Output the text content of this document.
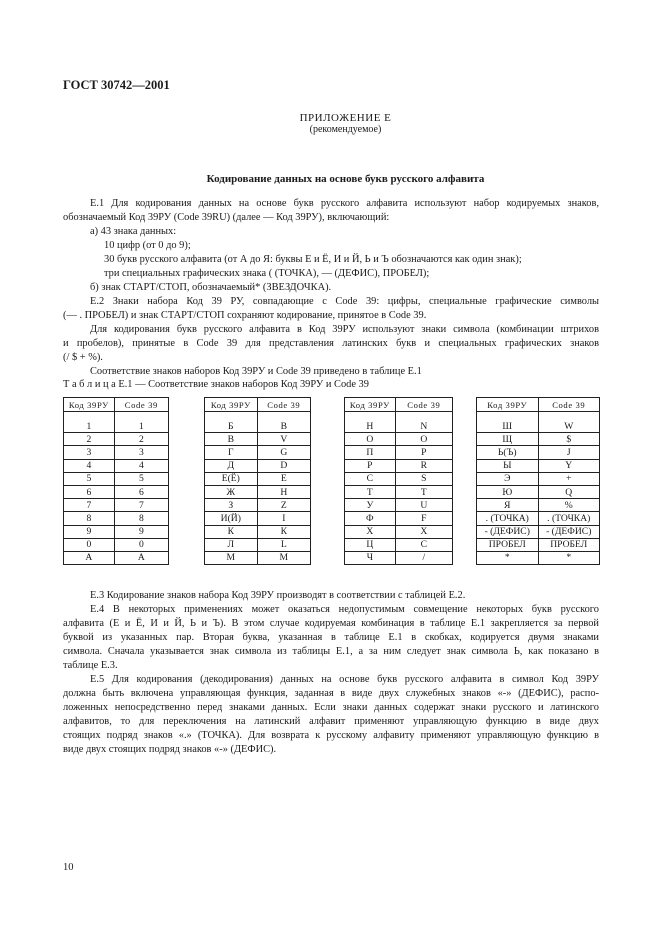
ГОСТ 30742—2001
ПРИЛОЖЕНИЕ Е
(рекомендуемое)
Кодирование данных на основе букв русского алфавита
Е.1 Для кодирования данных на основе букв русского алфавита используют набор кодируемых знаков,
обозначаемый Код 39РУ (Code 39RU) (далее — Код 39РУ), включающий:
а) 43 знака данных:
10 цифр (от 0 до 9);
30 букв русского алфавита (от А до Я: буквы Е и Ё, И и Й, Ь и Ъ обозначаются как один знак);
три специальных графических знака ( (ТОЧКА), — (ДЕФИС), ПРОБЕЛ);
б) знак СТАРТ/СТОП, обозначаемый* (ЗВЕЗДОЧКА).
Е.2 Знаки набора Код 39 РУ, совпадающие с Code 39: цифры, специальные графические символы
(— . ПРОБЕЛ) и знак СТАРТ/СТОП сохраняют кодирование, принятое в Code 39.
Для кодирования букв русского алфавита в Код 39РУ используют знаки символа (комбинации штрихов
и пробелов), принятые в Code 39 для представления латинских букв и специальных графических знаков
(/ $ + %).
Соответствие знаков наборов Код 39РУ и Code 39 приведено в таблице Е.1
Т а б л и ц а Е.1 — Соответствие знаков наборов Код 39РУ и Code 39
Код 39РУ	Code 39

1	1
2	2
3	3
4	4
5	5
6	6
7	7
8	8
9	9
0	0
А	А
Код 39РУ	Code 39

Б	В
В	V
Г	G
Д	D
Е(Ё)	Е
Ж	Н
З	Z
И(Й)	I
К	К
Л	L
М	М
Код 39РУ	Code 39

Н	N
О	О
П	Р
Р	R
С	S
Т	Т
У	U
Ф	F
Х	Х
Ц	С
Ч	/
Код 39РУ	Code 39

Ш	W
Щ	$
Ь(Ъ)	J
Ы	Y
Э	+
Ю	Q
Я	%
. (ТОЧКА)	. (ТОЧКА)
- (ДЕФИС)	- (ДЕФИС)
ПРОБЕЛ	ПРОБЕЛ
*	*
Е.3 Кодирование знаков набора Код 39РУ производят в соответствии с таблицей Е.2.
Е.4 В некоторых применениях может оказаться недопустимым совмещение некоторых букв русского
алфавита (Е и Ё, И и Й, Ь и Ъ). В этом случае кодируемая комбинация в таблице Е.1 закрепляется за первой
буквой из указанных пар. Вторая буква, указанная в таблице Е.1 в скобках, кодируется двумя знаками
символа. Сначала указывается знак символа из таблицы Е.1, а за ним следует знак символа Ь, как показано в
таблице Е.3.
Е.5 Для кодирования (декодирования) данных на основе букв русского алфавита в символ Код 39РУ
должна быть включена управляющая функция, заданная в виде двух служебных знаков «-» (ДЕФИС), распо-
ложенных непосредственно перед знаками данных. Если знаки данных содержат знаки русского и латинского
алфавитов, то для переключения на латинский алфавит применяют управляющую функцию в виде двух
стоящих подряд знаков «.» (ТОЧКА). Для возврата к русскому алфавиту применяют управляющую функцию в
виде двух стоящих подряд знаков «-» (ДЕФИС).
10
